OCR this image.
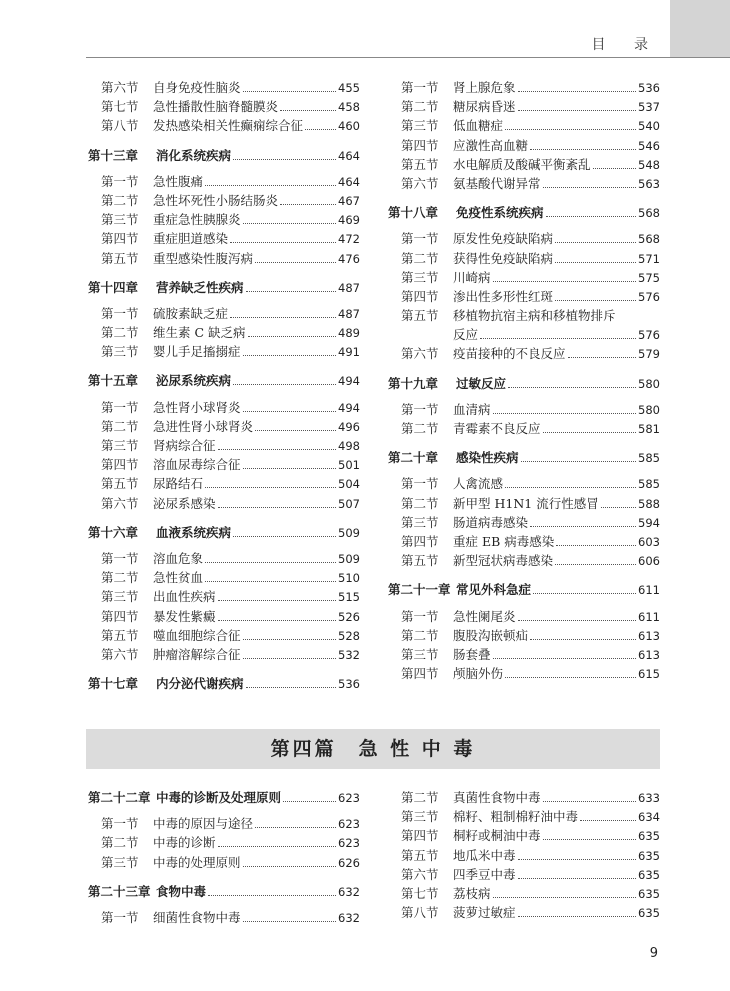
目 录
第六节	自身免疫性脑炎	455
第七节	急性播散性脑脊髓膜炎	458
第八节	发热感染相关性癫痫综合征	460
第十三章	消化系统疾病	464
第一节	急性腹痛	464
第二节	急性坏死性小肠结肠炎	467
第三节	重症急性胰腺炎	469
第四节	重症胆道感染	472
第五节	重型感染性腹泻病	476
第十四章	营养缺乏性疾病	487
第一节	硫胺素缺乏症	487
第二节	维生素 C 缺乏病	489
第三节	婴儿手足搐搦症	491
第十五章	泌尿系统疾病	494
第一节	急性肾小球肾炎	494
第二节	急进性肾小球肾炎	496
第三节	肾病综合征	498
第四节	溶血尿毒综合征	501
第五节	尿路结石	504
第六节	泌尿系感染	507
第十六章	血液系统疾病	509
第一节	溶血危象	509
第二节	急性贫血	510
第三节	出血性疾病	515
第四节	暴发性紫癜	526
第五节	噬血细胞综合征	528
第六节	肿瘤溶解综合征	532
第十七章	内分泌代谢疾病	536
第一节	肾上腺危象	536
第二节	糖尿病昏迷	537
第三节	低血糖症	540
第四节	应激性高血糖	546
第五节	水电解质及酸碱平衡紊乱	548
第六节	氨基酸代谢异常	563
第十八章	免疫性系统疾病	568
第一节	原发性免疫缺陷病	568
第二节	获得性免疫缺陷病	571
第三节	川崎病	575
第四节	渗出性多形性红斑	576
第五节	移植物抗宿主病和移植物排斥
反应	576
第六节	疫苗接种的不良反应	579
第十九章	过敏反应	580
第一节	血清病	580
第二节	青霉素不良反应	581
第二十章	感染性疾病	585
第一节	人禽流感	585
第二节	新甲型 H1N1 流行性感冒	588
第三节	肠道病毒感染	594
第四节	重症 EB 病毒感染	603
第五节	新型冠状病毒感染	606
第二十一章 常见外科急症	611
第一节	急性阑尾炎	611
第二节	腹股沟嵌顿疝	613
第三节	肠套叠	613
第四节	颅脑外伤	615
第四篇　急 性 中 毒
第二十二章 中毒的诊断及处理原则	623
第一节	中毒的原因与途径	623
第二节	中毒的诊断	623
第三节	中毒的处理原则	626
第二十三章 食物中毒	632
第一节	细菌性食物中毒	632
第二节	真菌性食物中毒	633
第三节	棉籽、粗制棉籽油中毒	634
第四节	桐籽或桐油中毒	635
第五节	地瓜米中毒	635
第六节	四季豆中毒	635
第七节	荔枝病	635
第八节	菠萝过敏症	635
9
